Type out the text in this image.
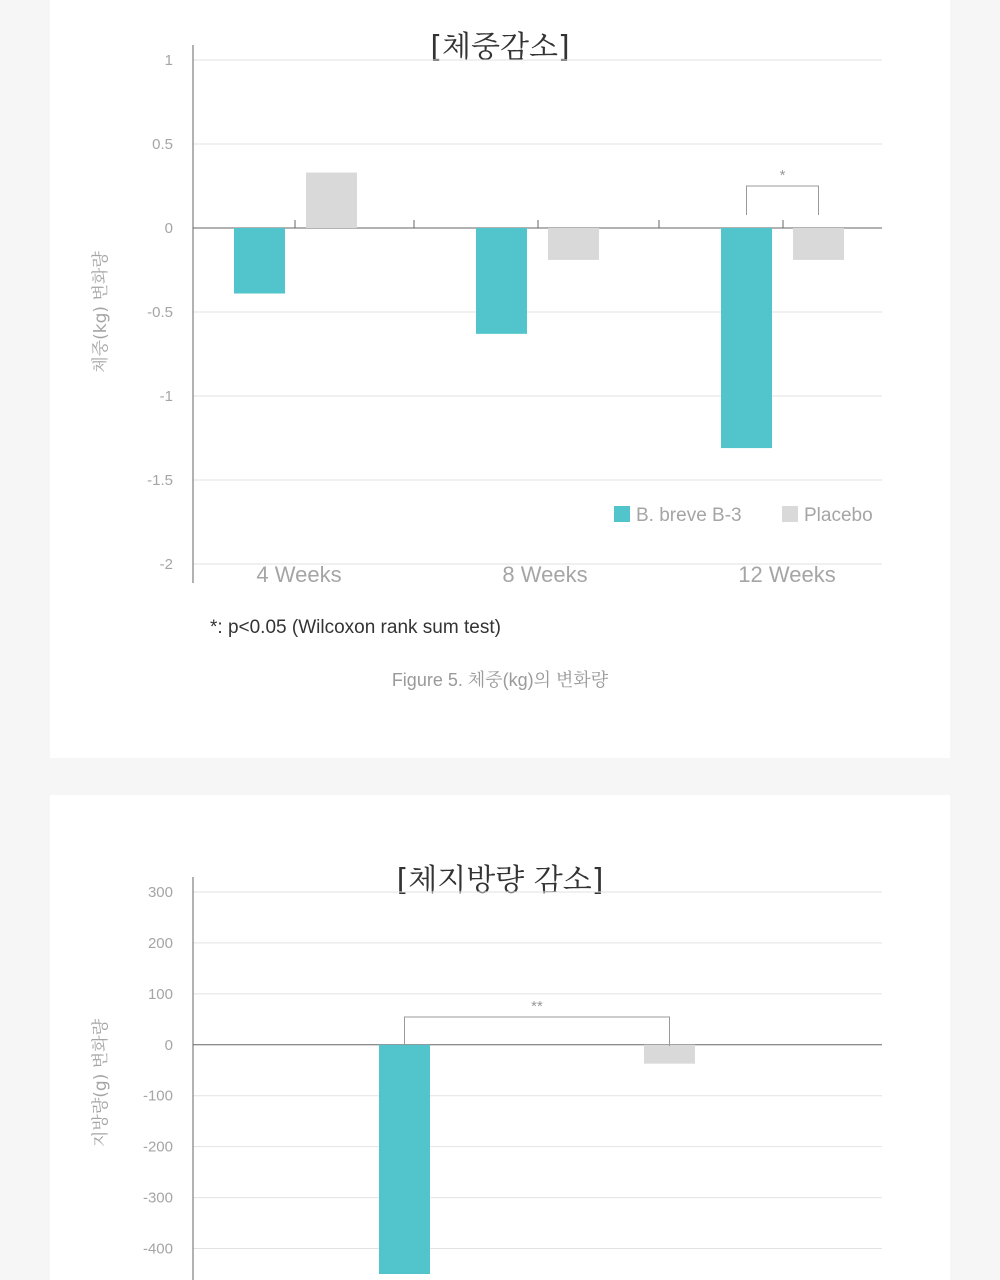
[체중감소]
체중(kg) 변화량
1
0.5
0
-0.5
-1
-1.5
-2	4 Weeks	8 Weeks	12 Weeks
*
B. breve B-3	Placebo
*: p<0.05 (Wilcoxon rank sum test)
Figure 5. 체중(kg)의 변화량
[체지방량 감소]
지방량(g) 변화량
300
200
100
0
-100
-200
-300
-400
**
